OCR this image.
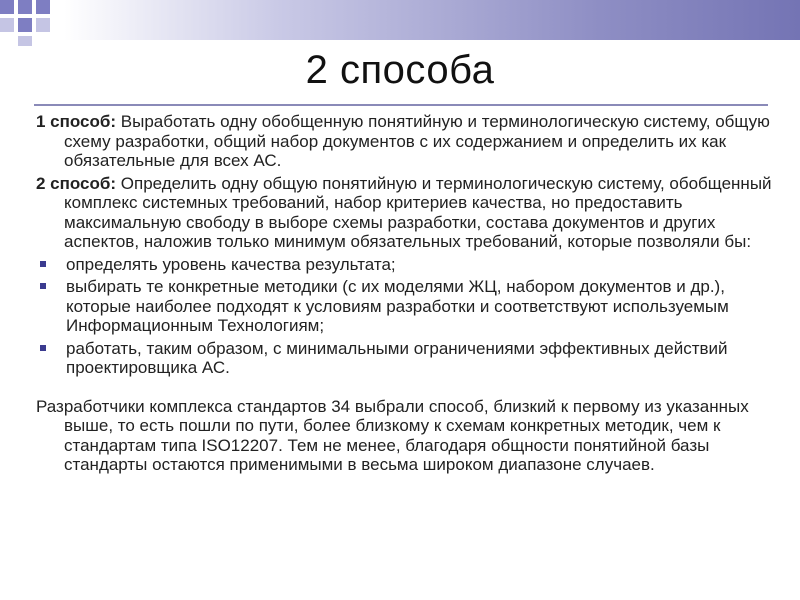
2 способа

1 способ: Выработать одну обобщенную понятийную и терминологическую систему, общую схему разработки, общий набор документов с их содержанием и определить их как обязательные для всех АС.

2 способ: Определить одну общую понятийную и терминологическую систему, обобщенный комплекс системных требований, набор критериев качества, но предоставить максимальную свободу в выборе схемы разработки, состава документов и других аспектов, наложив только минимум обязательных требований, которые позволяли бы:

определять уровень качества результата;
выбирать те конкретные методики (с их моделями ЖЦ, набором документов и др.), которые наиболее подходят к условиям разработки и соответствуют используемым Информационным Технологиям;
работать, таким образом, с минимальными ограничениями эффективных действий проектировщика АС.

Разработчики комплекса стандартов 34 выбрали способ, близкий к первому из указанных выше, то есть пошли по пути, более близкому к схемам конкретных методик, чем к стандартам типа ISO12207. Тем не менее, благодаря общности понятийной базы стандарты остаются применимыми в весьма широком диапазоне случаев.
